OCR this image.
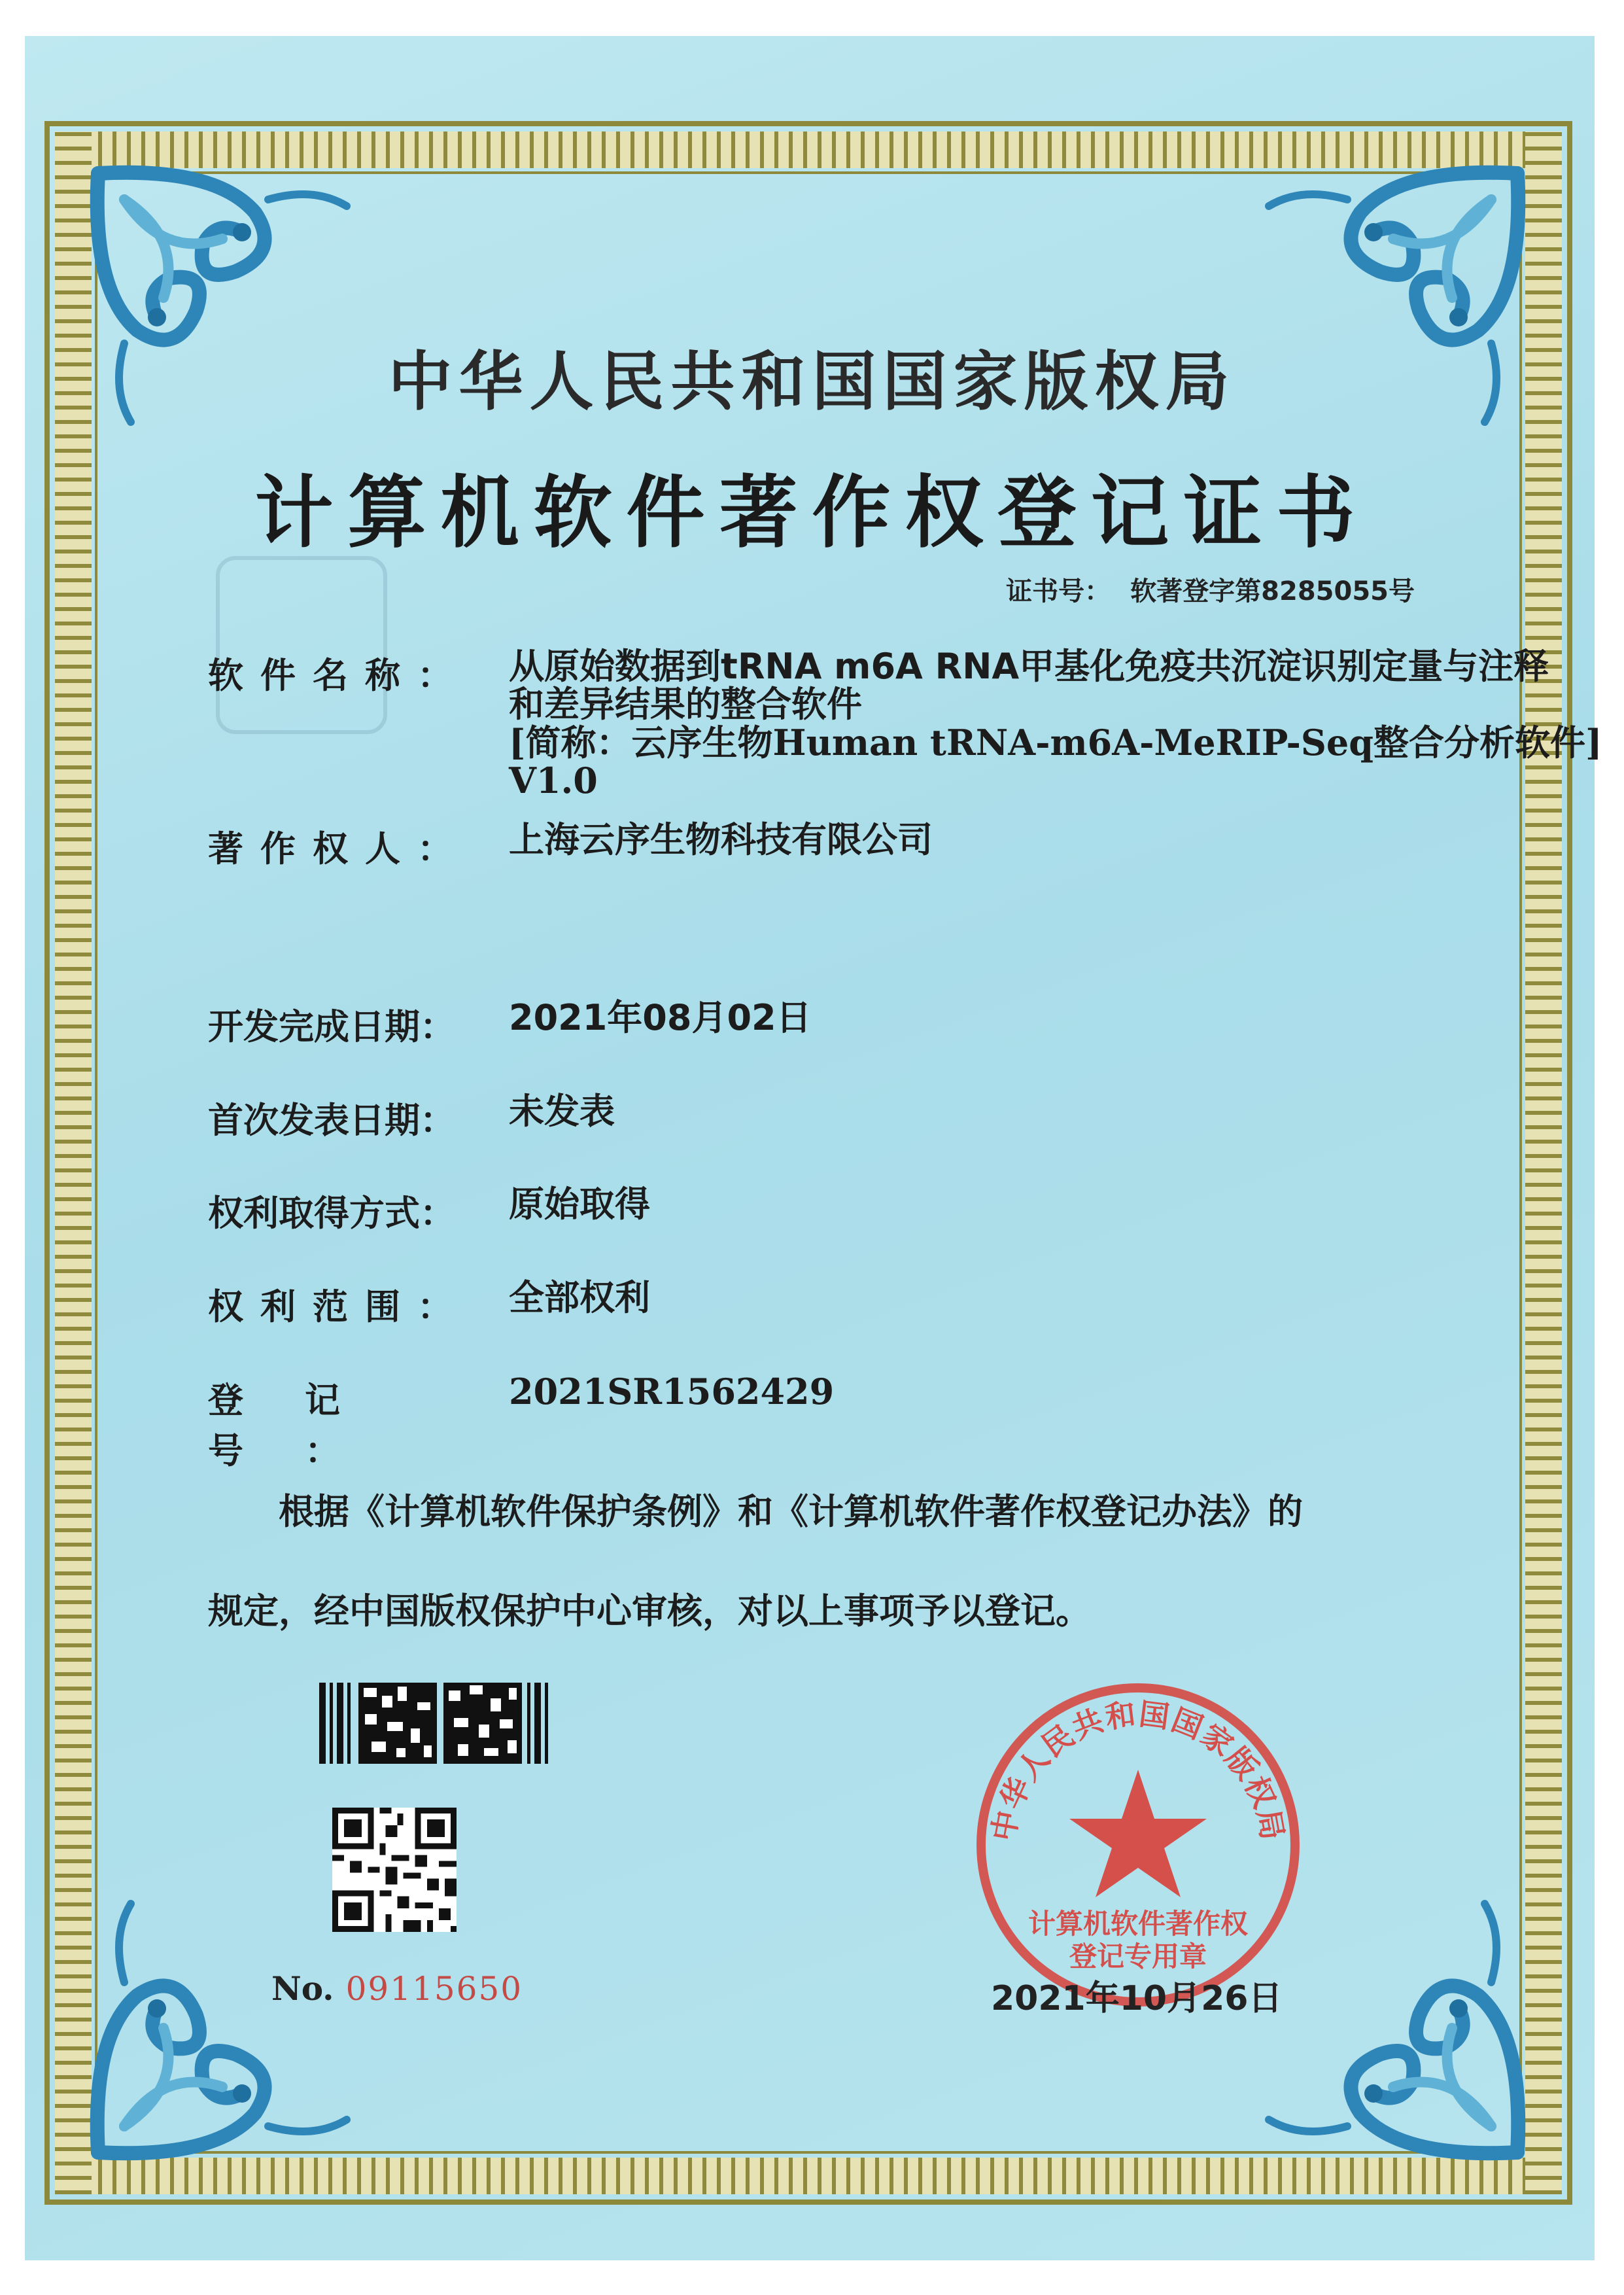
中华人民共和国国家版权局
计算机软件著作权登记证书
证书号： 软著登字第8285055号
软件名称：	从原始数据到tRNA m6A RNA甲基化免疫共沉淀识别定量与注释
和差异结果的整合软件
[简称：云序生物Human tRNA-m6A-MeRIP-Seq整合分析软件]
V1.0
著作权人：	上海云序生物科技有限公司
开发完成日期：	2021年08月02日
首次发表日期：	未发表
权利取得方式：	原始取得
权利范围：	全部权利
登记号：
2021SR1562429
根据《计算机软件保护条例》和《计算机软件著作权登记办法》的
规定，经中国版权保护中心审核，对以上事项予以登记。
No. 09115650
中华人民共和国国家版权局
计算机软件著作权
登记专用章
2021年10月26日
